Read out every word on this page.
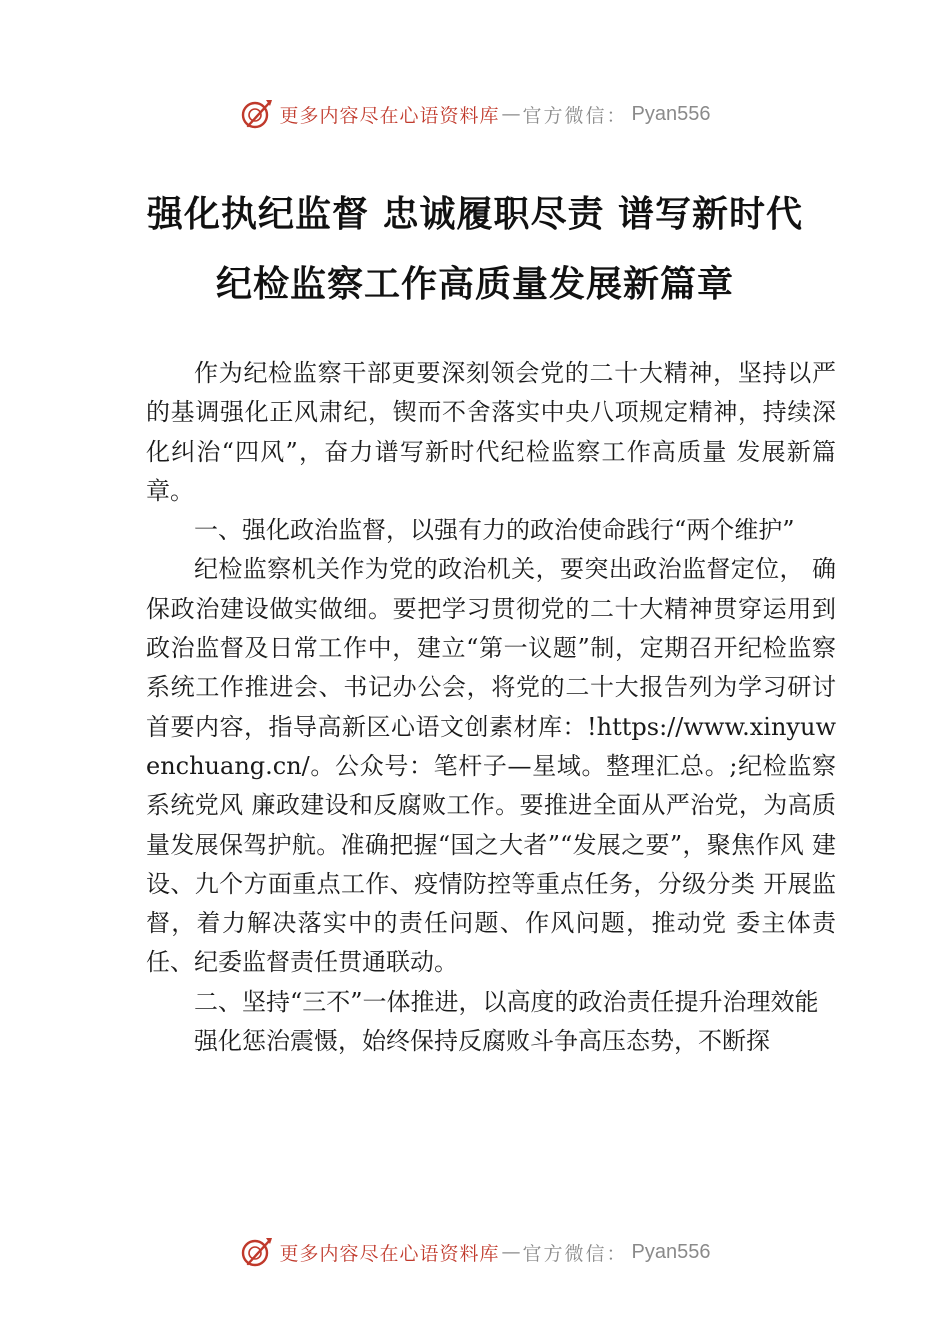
更多内容尽在心语资料库 — 官方微信： Pyan556
强化执纪监督 忠诚履职尽责 谱写新时代
纪检监察工作高质量发展新篇章

作为纪检监察干部更要深刻领会党的二十大精神，坚持以严的基调强化正风肃纪，锲而不舍落实中央八项规定精神，持续深化纠治“四风”，奋力谱写新时代纪检监察工作高质量 发展新篇章。

一、强化政治监督，以强有力的政治使命践行“两个维护”

纪检监察机关作为党的政治机关，要突出政治监督定位， 确保政治建设做实做细。要把学习贯彻党的二十大精神贯穿运用到政治监督及日常工作中，建立“第一议题”制，定期召开纪检监察系统工作推进会、书记办公会，将党的二十大报告列为学习研讨首要内容，指导高新区心语文创素材库：!https://www.xinyuwenchuang.cn/。公众号：笔杆子—星域。整理汇总。;纪检监察系统党风 廉政建设和反腐败工作。要推进全面从严治党，为高质量发展保驾护航。准确把握“国之大者”“发展之要”，聚焦作风 建设、九个方面重点工作、疫情防控等重点任务，分级分类 开展监督，着力解决落实中的责任问题、作风问题，推动党 委主体责任、纪委监督责任贯通联动。

二、坚持“三不”一体推进，以高度的政治责任提升治理效能

强化惩治震慑，始终保持反腐败斗争高压态势，不断探

更多内容尽在心语资料库 — 官方微信： Pyan556
